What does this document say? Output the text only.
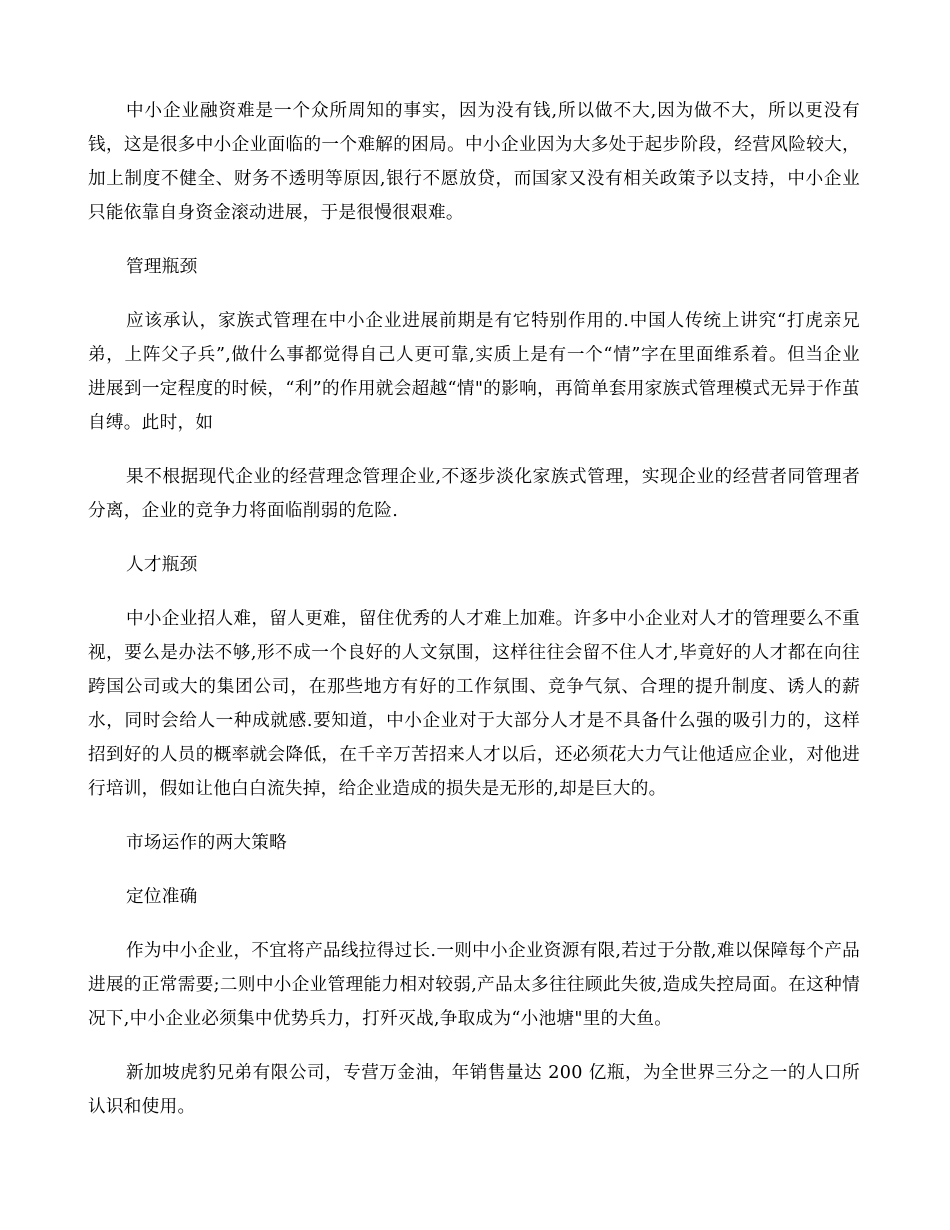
中小企业融资难是一个众所周知的事实，因为没有钱,所以做不大,因为做不大，所以更没有钱，这是很多中小企业面临的一个难解的困局。中小企业因为大多处于起步阶段，经营风险较大，加上制度不健全、财务不透明等原因,银行不愿放贷，而国家又没有相关政策予以支持，中小企业只能依靠自身资金滚动进展，于是很慢很艰难。

管理瓶颈

应该承认，家族式管理在中小企业进展前期是有它特别作用的.中国人传统上讲究“打虎亲兄弟，上阵父子兵”,做什么事都觉得自己人更可靠,实质上是有一个“情”字在里面维系着。但当企业进展到一定程度的时候，“利”的作用就会超越“情"的影响，再简单套用家族式管理模式无异于作茧自缚。此时，如

果不根据现代企业的经营理念管理企业,不逐步淡化家族式管理，实现企业的经营者同管理者分离，企业的竞争力将面临削弱的危险.

人才瓶颈

中小企业招人难，留人更难，留住优秀的人才难上加难。许多中小企业对人才的管理要么不重视，要么是办法不够,形不成一个良好的人文氛围，这样往往会留不住人才,毕竟好的人才都在向往跨国公司或大的集团公司，在那些地方有好的工作氛围、竞争气氛、合理的提升制度、诱人的薪水，同时会给人一种成就感.要知道，中小企业对于大部分人才是不具备什么强的吸引力的，这样招到好的人员的概率就会降低，在千辛万苦招来人才以后，还必须花大力气让他适应企业，对他进行培训，假如让他白白流失掉，给企业造成的损失是无形的,却是巨大的。

市场运作的两大策略

定位准确

作为中小企业，不宜将产品线拉得过长.一则中小企业资源有限,若过于分散,难以保障每个产品进展的正常需要;二则中小企业管理能力相对较弱,产品太多往往顾此失彼,造成失控局面。在这种情况下,中小企业必须集中优势兵力，打歼灭战,争取成为“小池塘"里的大鱼。

新加坡虎豹兄弟有限公司，专营万金油，年销售量达 200 亿瓶，为全世界三分之一的人口所认识和使用。
